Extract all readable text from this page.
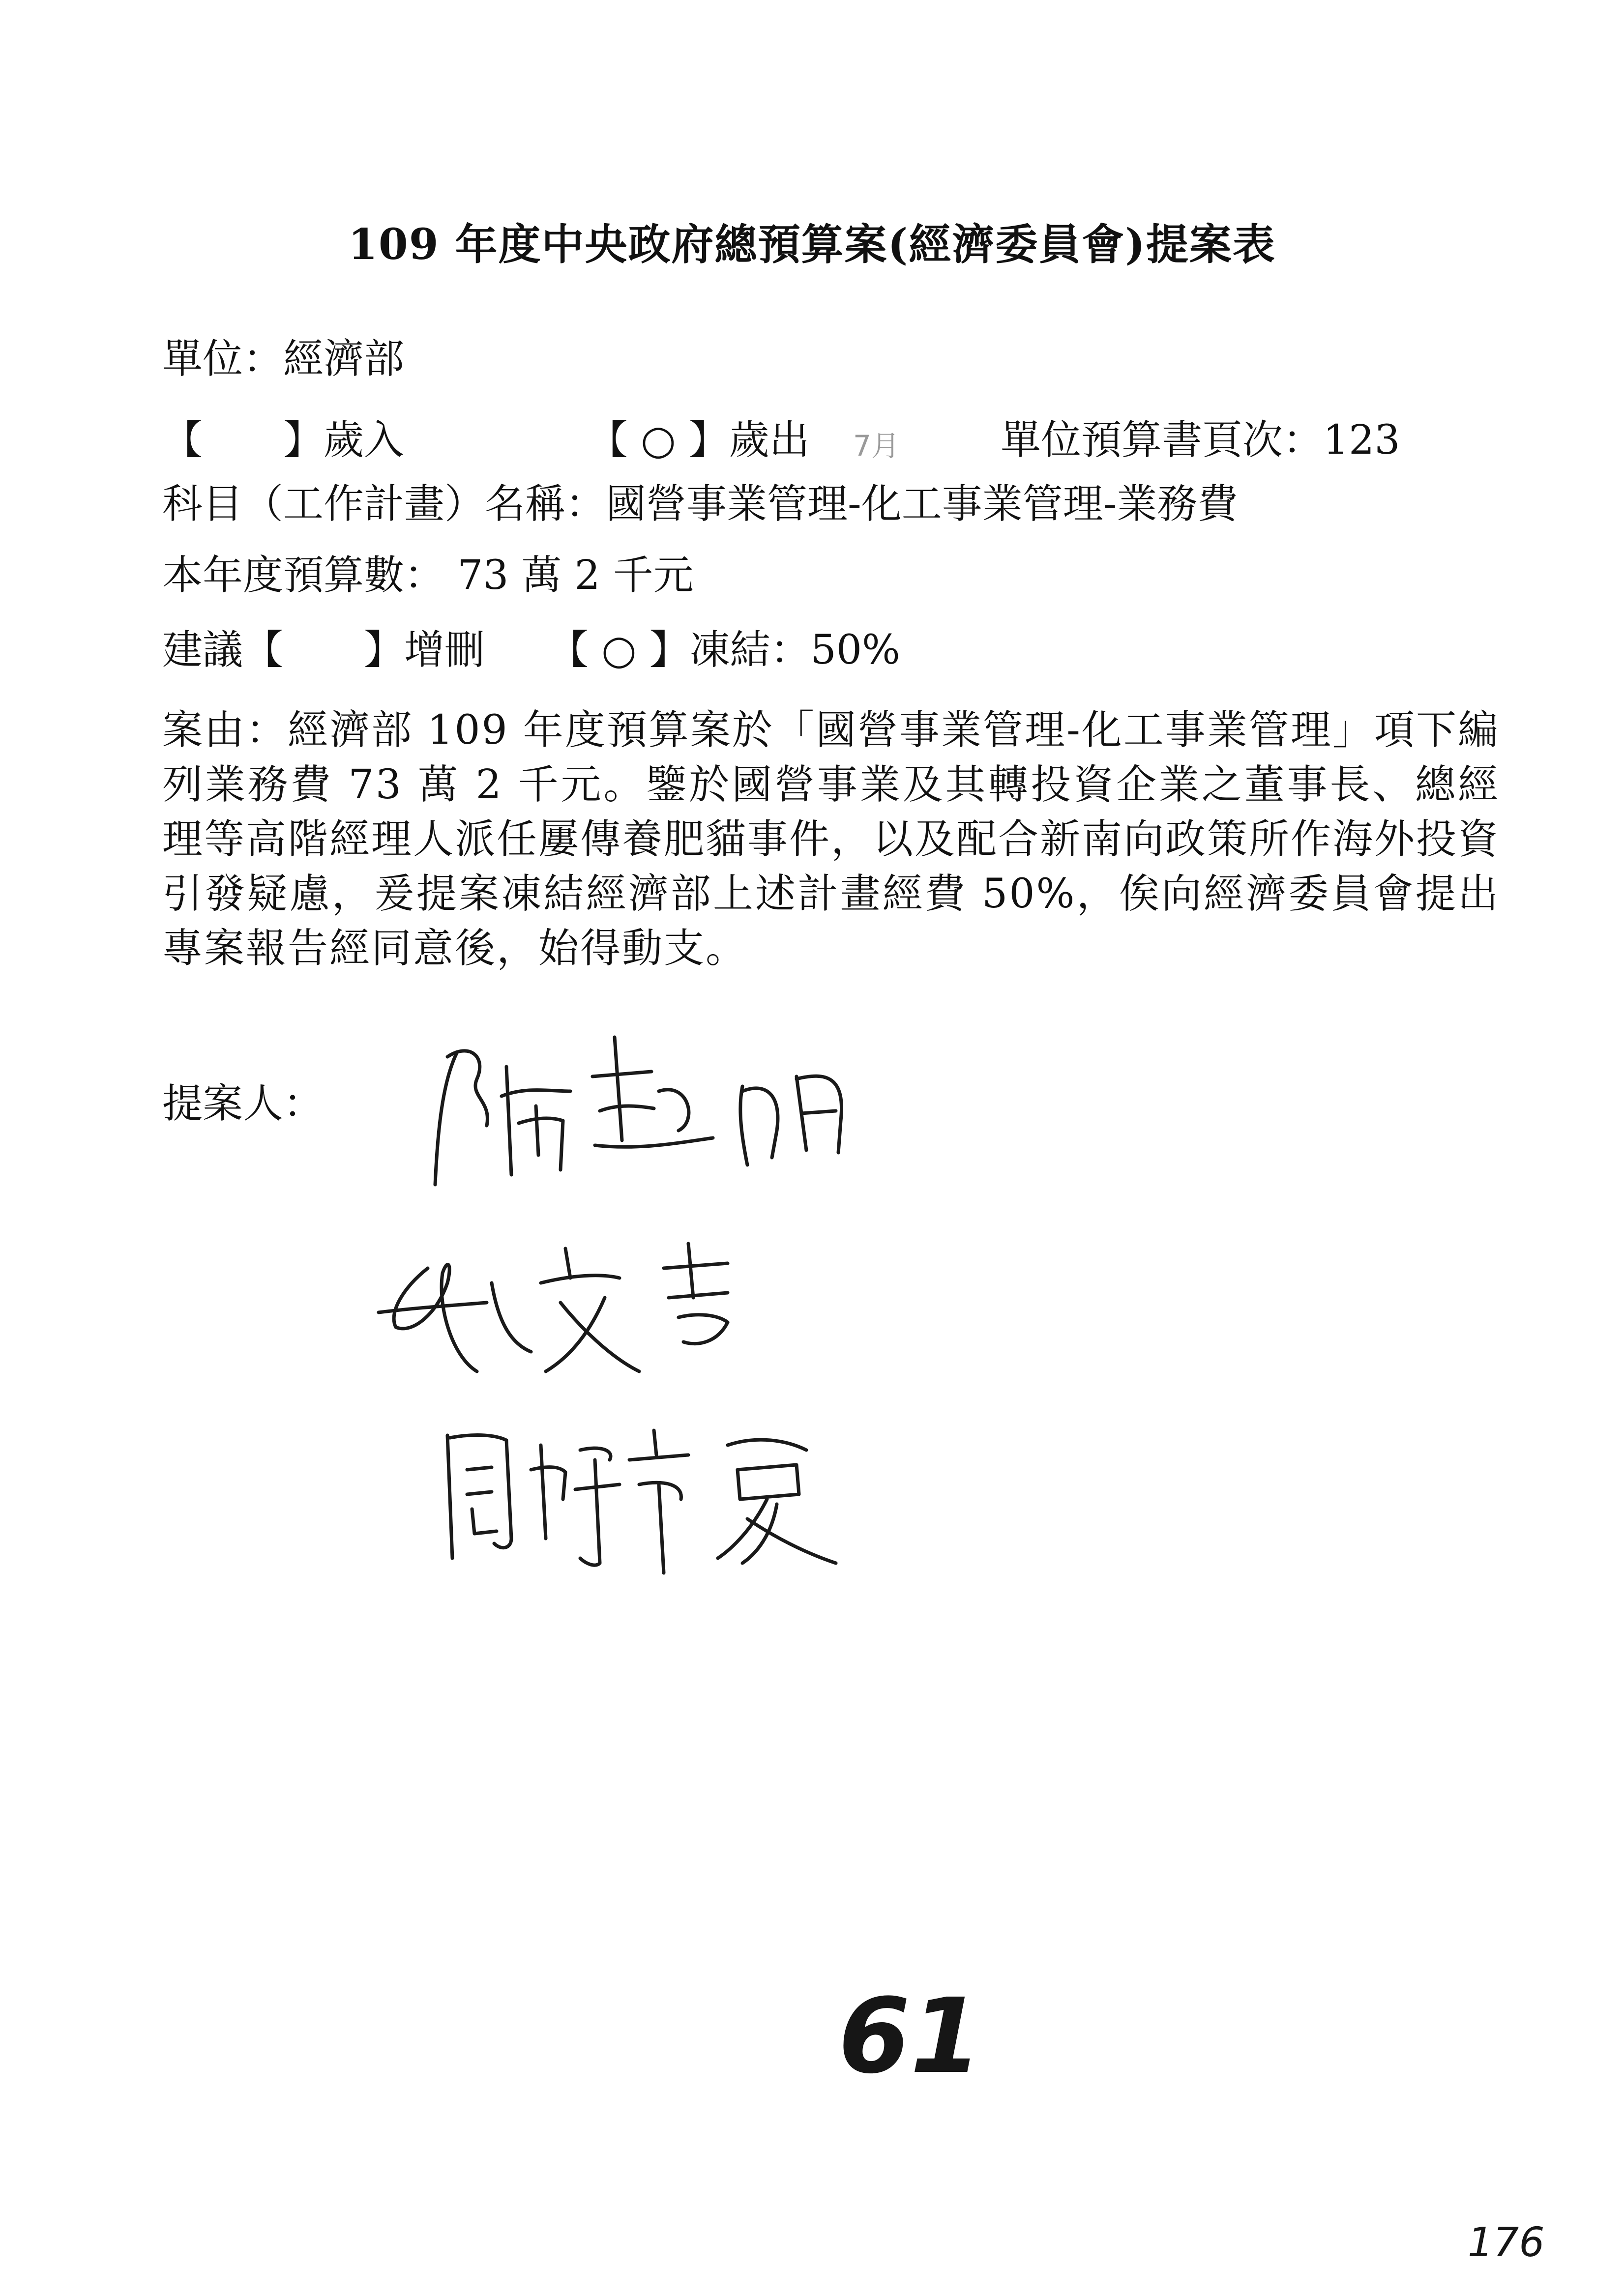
109 年度中央政府總預算案(經濟委員會)提案表
單位：經濟部
【　　】歲入	【 ○ 】歲出 7月	單位預算書頁次：123
科目（工作計畫）名稱：國營事業管理-化工事業管理-業務費
本年度預算數： 73 萬 2 千元
建議【　　】增刪 【 ○ 】凍結：50%
案由：經濟部 109 年度預算案於「國營事業管理-化工事業管理」項下編列業務費 73 萬 2 千元。鑒於國營事業及其轉投資企業之董事長、總經理等高階經理人派任屢傳養肥貓事件，以及配合新南向政策所作海外投資引發疑慮，爰提案凍結經濟部上述計畫經費 50%，俟向經濟委員會提出專案報告經同意後，始得動支。
提案人：
61
176
